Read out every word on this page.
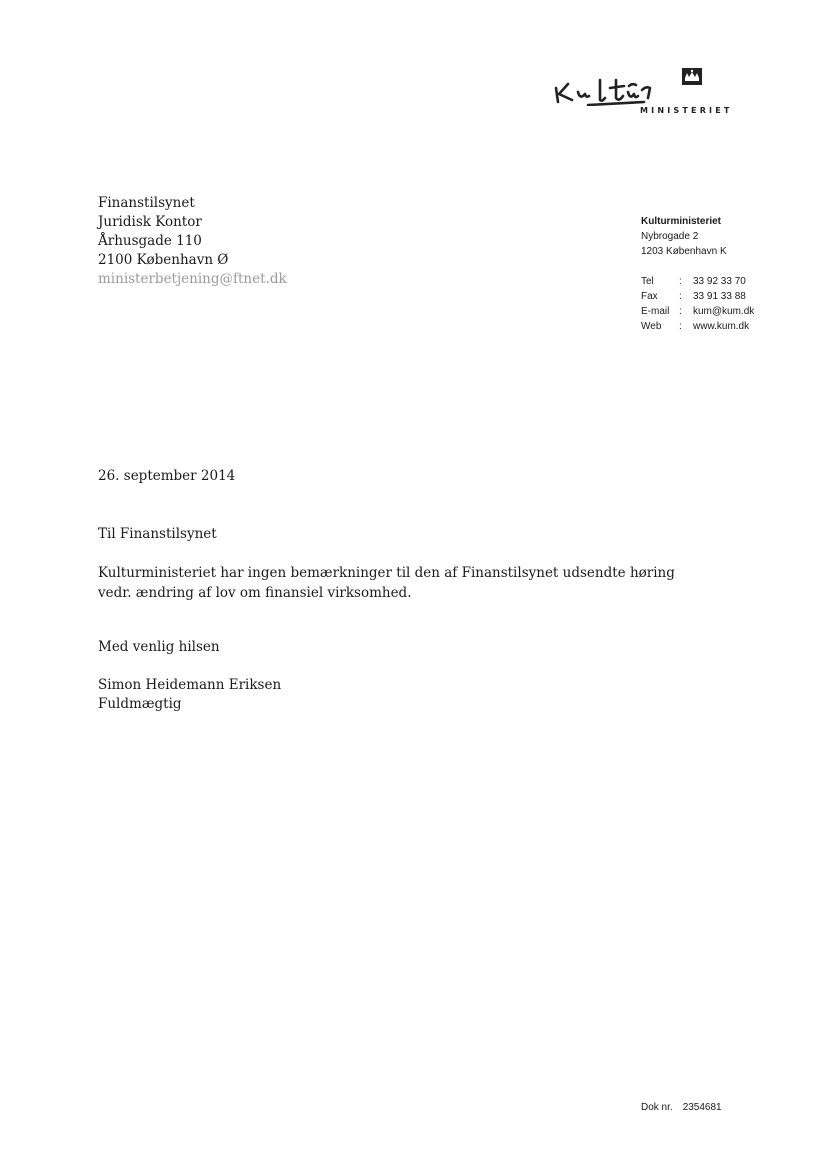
MINISTERIET
Finanstilsynet
Juridisk Kontor
Århusgade 110
2100 København Ø
ministerbetjening@ftnet.dk
Kulturministeriet
Nybrogade 2
1203 København K
Tel	:	33 92 33 70
Fax	:	33 91 33 88
E-mail :	kum@kum.dk
Web	:	www.kum.dk
26. september 2014
Til Finanstilsynet
Kulturministeriet har ingen bemærkninger til den af Finanstilsynet udsendte høring
vedr. ændring af lov om finansiel virksomhed.
Med venlig hilsen
Simon Heidemann Eriksen
Fuldmægtig
Dok nr. 2354681
